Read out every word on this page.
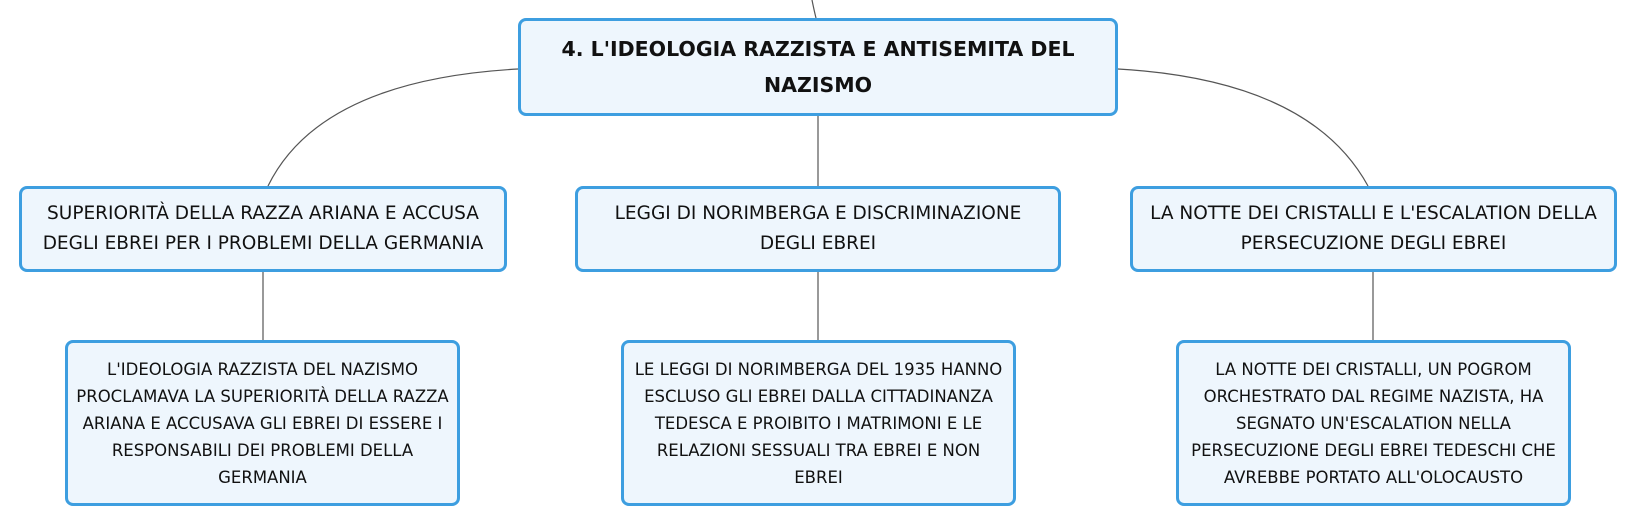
4. L'IDEOLOGIA RAZZISTA E ANTISEMITA DEL NAZISMO
SUPERIORITÀ DELLA RAZZA ARIANA E ACCUSA DEGLI EBREI PER I PROBLEMI DELLA GERMANIA
LEGGI DI NORIMBERGA E DISCRIMINAZIONE DEGLI EBREI
LA NOTTE DEI CRISTALLI E L'ESCALATION DELLA PERSECUZIONE DEGLI EBREI
L'IDEOLOGIA RAZZISTA DEL NAZISMO PROCLAMAVA LA SUPERIORITÀ DELLA RAZZA ARIANA E ACCUSAVA GLI EBREI DI ESSERE I RESPONSABILI DEI PROBLEMI DELLA GERMANIA
LE LEGGI DI NORIMBERGA DEL 1935 HANNO ESCLUSO GLI EBREI DALLA CITTADINANZA TEDESCA E PROIBITO I MATRIMONI E LE RELAZIONI SESSUALI TRA EBREI E NON EBREI
LA NOTTE DEI CRISTALLI, UN POGROM ORCHESTRATO DAL REGIME NAZISTA, HA SEGNATO UN'ESCALATION NELLA PERSECUZIONE DEGLI EBREI TEDESCHI CHE AVREBBE PORTATO ALL'OLOCAUSTO
